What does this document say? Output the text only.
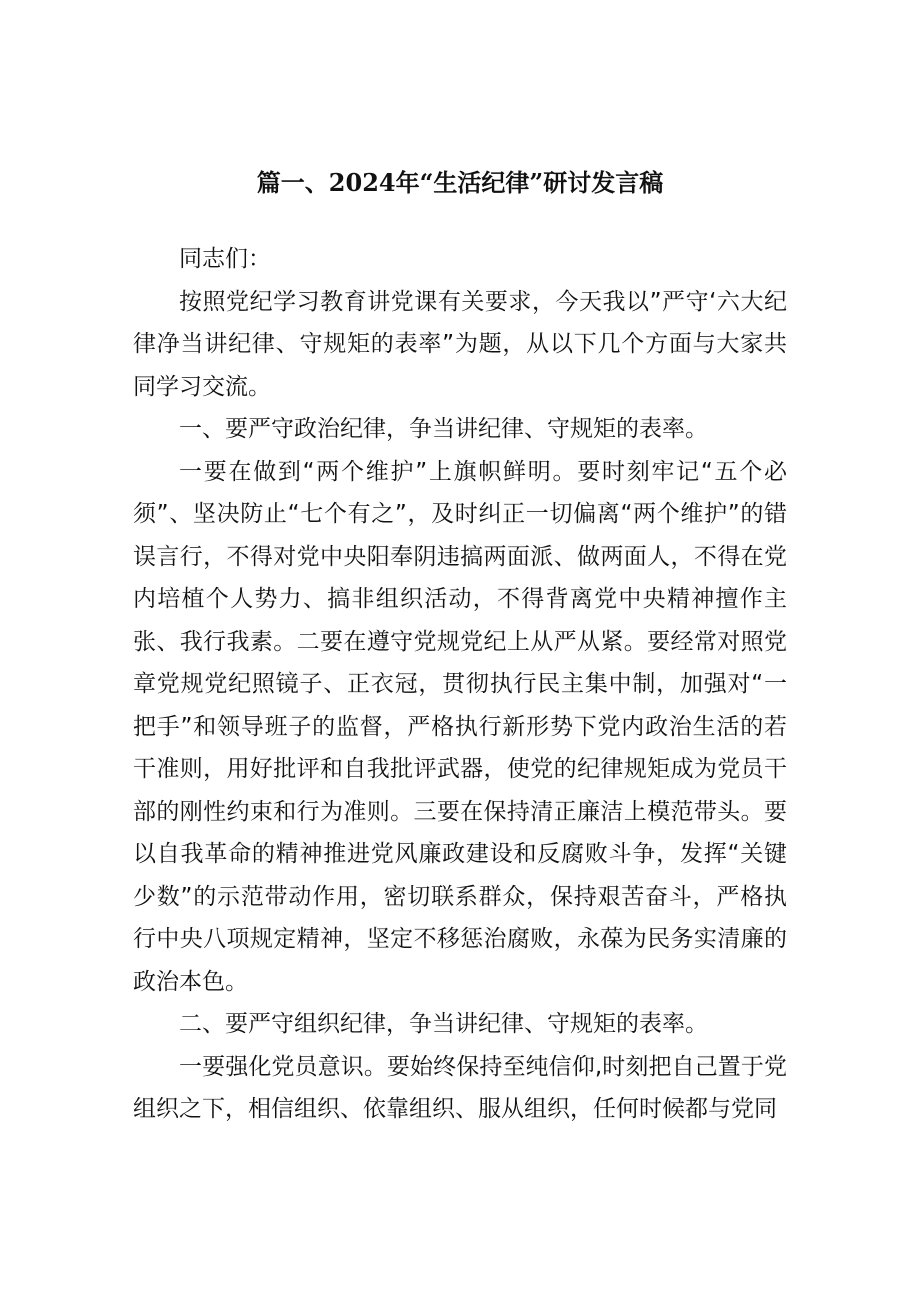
篇一、2024年“生活纪律”研讨发言稿

同志们：

按照党纪学习教育讲党课有关要求，今天我以”严守‘六大纪律净当讲纪律、守规矩的表率”为题，从以下几个方面与大家共同学习交流。

一、要严守政治纪律，争当讲纪律、守规矩的表率。

一要在做到“两个维护”上旗帜鲜明。要时刻牢记“五个必须”、坚决防止“七个有之”，及时纠正一切偏离“两个维护”的错误言行，不得对党中央阳奉阴违搞两面派、做两面人，不得在党内培植个人势力、搞非组织活动，不得背离党中央精神擅作主张、我行我素。二要在遵守党规党纪上从严从紧。要经常对照党章党规党纪照镜子、正衣冠，贯彻执行民主集中制，加强对“一把手”和领导班子的监督，严格执行新形势下党内政治生活的若干准则，用好批评和自我批评武器，使党的纪律规矩成为党员干部的刚性约束和行为准则。三要在保持清正廉洁上模范带头。要以自我革命的精神推进党风廉政建设和反腐败斗争，发挥“关键少数”的示范带动作用，密切联系群众，保持艰苦奋斗，严格执行中央八项规定精神，坚定不移惩治腐败，永葆为民务实清廉的政治本色。

二、要严守组织纪律，争当讲纪律、守规矩的表率。

一要强化党员意识。要始终保持至纯信仰,时刻把自己置于党组织之下，相信组织、依靠组织、服从组织，任何时候都与党同
